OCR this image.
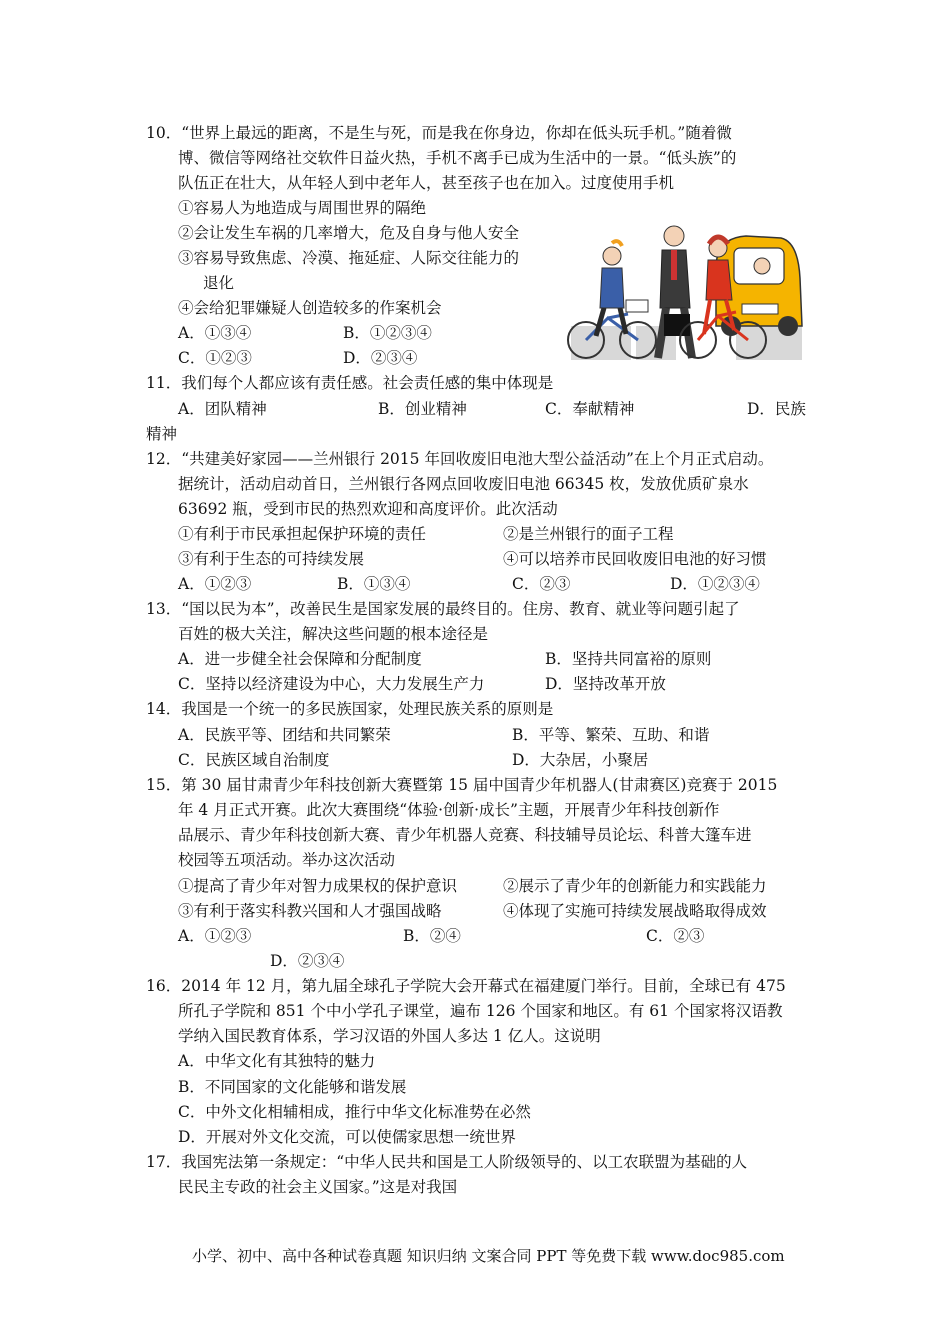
10．“世界上最远的距离，不是生与死，而是我在你身边，你却在低头玩手机。”随着微
博、微信等网络社交软件日益火热，手机不离手已成为生活中的一景。“低头族”的
队伍正在壮大，从年轻人到中老年人，甚至孩子也在加入。过度使用手机
①容易人为地造成与周围世界的隔绝
②会让发生车祸的几率增大，危及自身与他人安全
③容易导致焦虑、冷漠、拖延症、人际交往能力的
退化
④会给犯罪嫌疑人创造较多的作案机会
A．①③④	B．①②③④
C．①②③	D．②③④
11．我们每个人都应该有责任感。社会责任感的集中体现是
A．团队精神	B．创业精神	C．奉献精神	D．民族
精神
12．“共建美好家园——兰州银行 2015 年回收废旧电池大型公益活动”在上个月正式启动。
据统计，活动启动首日，兰州银行各网点回收废旧电池 66345 枚，发放优质矿泉水
63692 瓶，受到市民的热烈欢迎和高度评价。此次活动
①有利于市民承担起保护环境的责任	②是兰州银行的面子工程
③有利于生态的可持续发展	④可以培养市民回收废旧电池的好习惯
A．①②③	B．①③④	C．②③	D．①②③④
13．“国以民为本”，改善民生是国家发展的最终目的。住房、教育、就业等问题引起了
百姓的极大关注，解决这些问题的根本途径是
A．进一步健全社会保障和分配制度	B．坚持共同富裕的原则
C．坚持以经济建设为中心，大力发展生产力	D．坚持改革开放
14．我国是一个统一的多民族国家，处理民族关系的原则是
A．民族平等、团结和共同繁荣	B．平等、繁荣、互助、和谐
C．民族区域自治制度	D．大杂居，小聚居
15．第 30 届甘肃青少年科技创新大赛暨第 15 届中国青少年机器人(甘肃赛区)竞赛于 2015
年 4 月正式开赛。此次大赛围绕“体验·创新·成长”主题，开展青少年科技创新作
品展示、青少年科技创新大赛、青少年机器人竞赛、科技辅导员论坛、科普大篷车进
校园等五项活动。举办这次活动
①提高了青少年对智力成果权的保护意识	②展示了青少年的创新能力和实践能力
③有利于落实科教兴国和人才强国战略	④体现了实施可持续发展战略取得成效
A．①②③	B．②④	C．②③
D．②③④
16．2014 年 12 月，第九届全球孔子学院大会开幕式在福建厦门举行。目前，全球已有 475
所孔子学院和 851 个中小学孔子课堂，遍布 126 个国家和地区。有 61 个国家将汉语教
学纳入国民教育体系，学习汉语的外国人多达 1 亿人。这说明
A．中华文化有其独特的魅力
B．不同国家的文化能够和谐发展
C．中外文化相辅相成，推行中华文化标准势在必然
D．开展对外文化交流，可以使儒家思想一统世界
17．我国宪法第一条规定：“中华人民共和国是工人阶级领导的、以工农联盟为基础的人
民民主专政的社会主义国家。”这是对我国
小学、初中、高中各种试卷真题 知识归纳 文案合同 PPT 等免费下载 www.doc985.com
